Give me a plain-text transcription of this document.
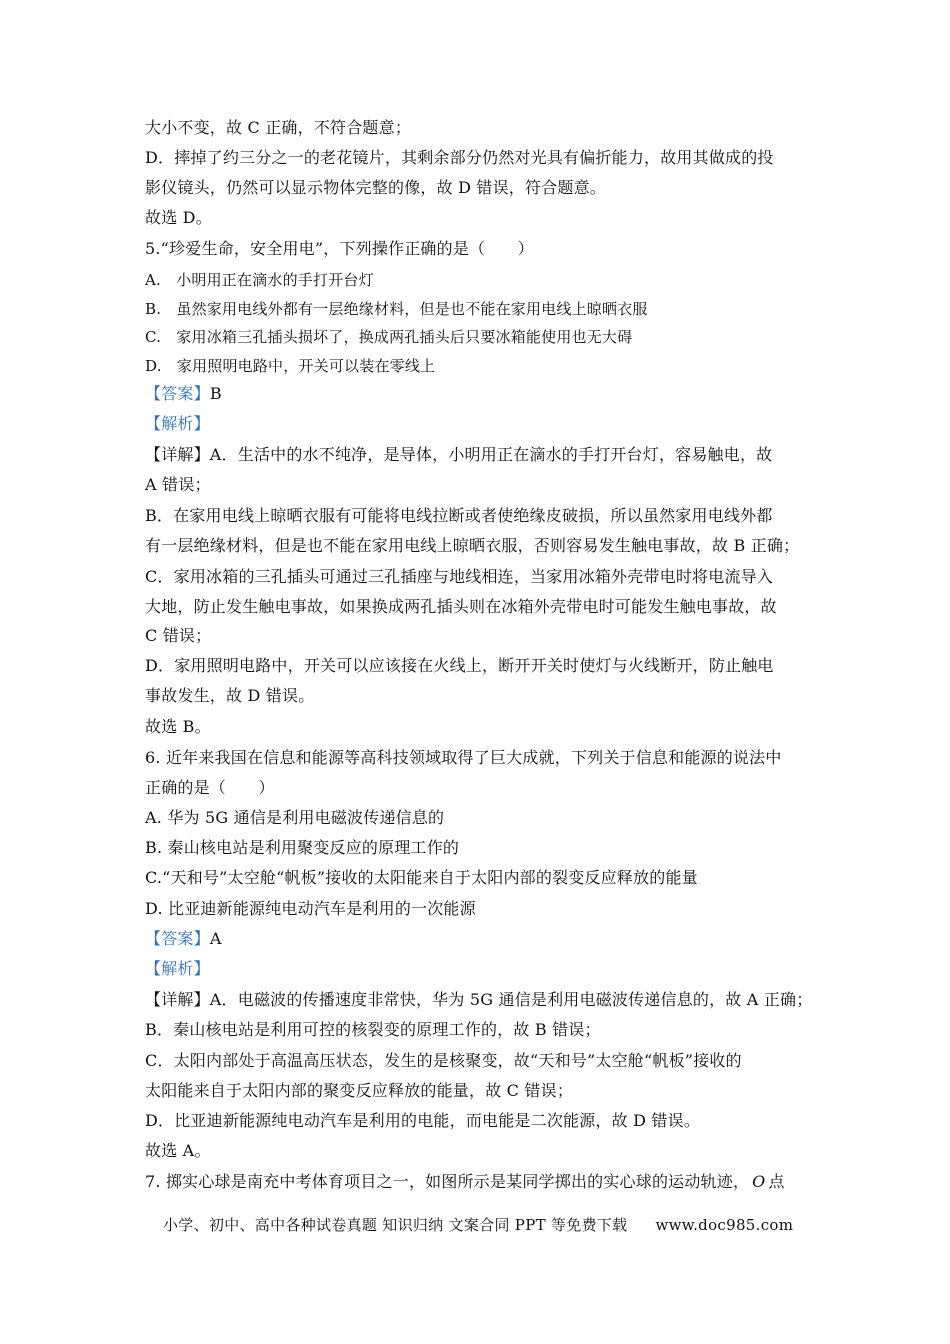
大小不变，故 C 正确，不符合题意；
D．摔掉了约三分之一的老花镜片，其剩余部分仍然对光具有偏折能力，故用其做成的投
影仪镜头，仍然可以显示物体完整的像，故 D 错误，符合题意。
故选 D。
5.“珍爱生命，安全用电”，下列操作正确的是（　　）
A.　小明用正在滴水的手打开台灯
B.　虽然家用电线外都有一层绝缘材料，但是也不能在家用电线上晾晒衣服
C.　家用冰箱三孔插头损坏了，换成两孔插头后只要冰箱能使用也无大碍
D.　家用照明电路中，开关可以装在零线上
【答案】B
【解析】
【详解】A．生活中的水不纯净，是导体，小明用正在滴水的手打开台灯，容易触电，故
A 错误；
B．在家用电线上晾晒衣服有可能将电线拉断或者使绝缘皮破损，所以虽然家用电线外都
有一层绝缘材料，但是也不能在家用电线上晾晒衣服，否则容易发生触电事故，故 B 正确；
C．家用冰箱的三孔插头可通过三孔插座与地线相连，当家用冰箱外壳带电时将电流导入
大地，防止发生触电事故，如果换成两孔插头则在冰箱外壳带电时可能发生触电事故，故
C 错误；
D．家用照明电路中，开关可以应该接在火线上，断开开关时使灯与火线断开，防止触电
事故发生，故 D 错误。
故选 B。
6. 近年来我国在信息和能源等高科技领域取得了巨大成就，下列关于信息和能源的说法中
正确的是（　　）
A. 华为 5G 通信是利用电磁波传递信息的
B. 秦山核电站是利用聚变反应的原理工作的
C.“天和号”太空舱“帆板”接收的太阳能来自于太阳内部的裂变反应释放的能量
D. 比亚迪新能源纯电动汽车是利用的一次能源
【答案】A
【解析】
【详解】A．电磁波的传播速度非常快，华为 5G 通信是利用电磁波传递信息的，故 A 正确；
B．秦山核电站是利用可控的核裂变的原理工作的，故 B 错误；
C．太阳内部处于高温高压状态，发生的是核聚变，故“天和号”太空舱“帆板”接收的
太阳能来自于太阳内部的聚变反应释放的能量，故 C 错误；
D．比亚迪新能源纯电动汽车是利用的电能，而电能是二次能源，故 D 错误。
故选 A。
7. 掷实心球是南充中考体育项目之一，如图所示是某同学掷出的实心球的运动轨迹， O 点
小学、初中、高中各种试卷真题 知识归纳 文案合同 PPT 等免费下载 www.doc985.com
